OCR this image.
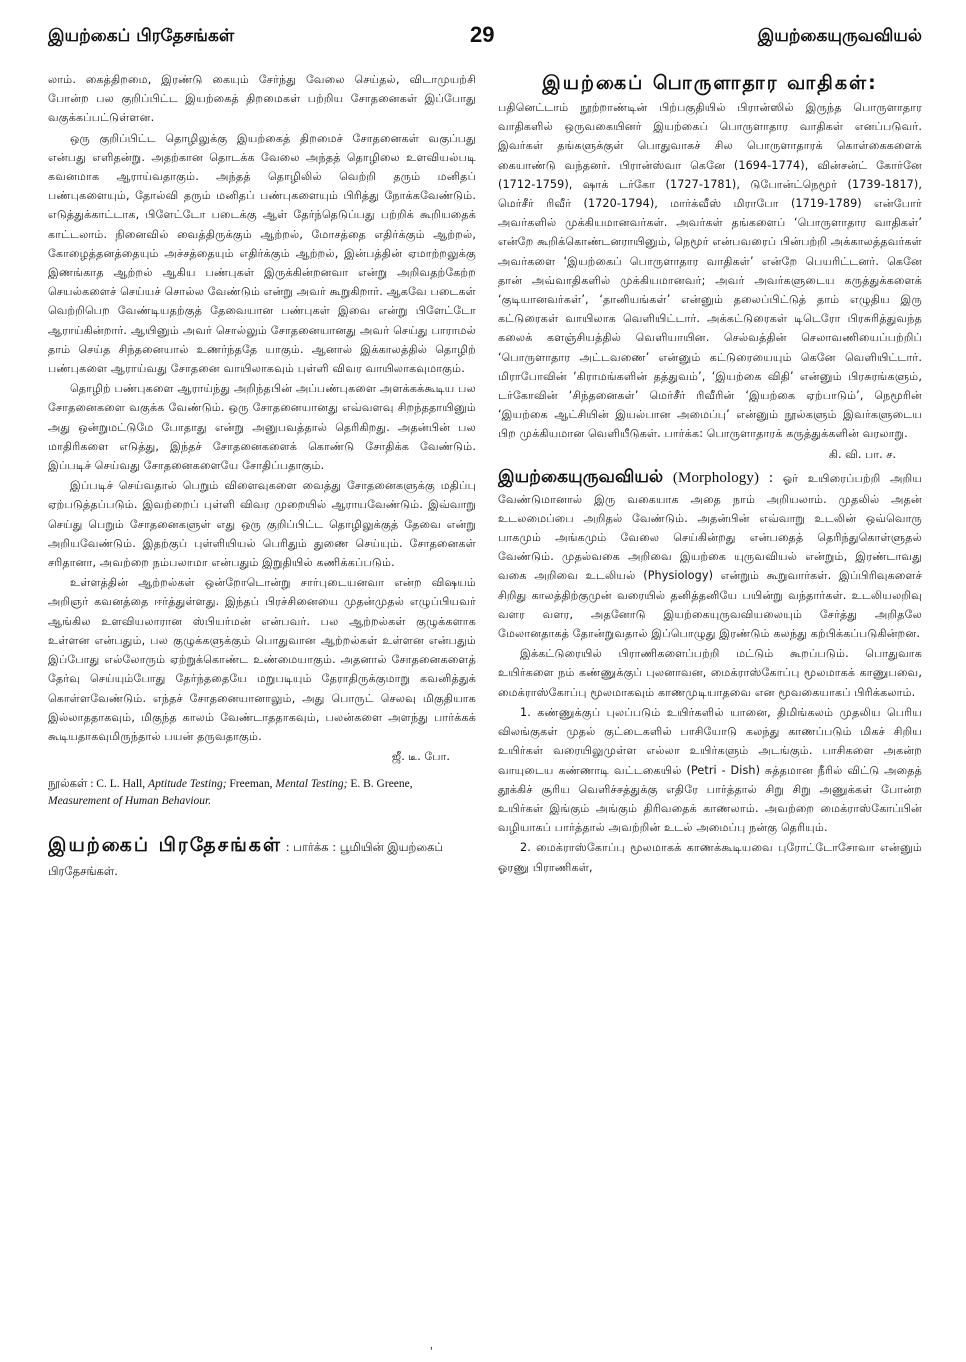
இயற்கைப் பிரதேசங்கள்	29	இயற்கையுருவவியல்

லாம். கைத்திறமை, இரண்டு கையும் சேர்ந்து வேலை செய்தல், விடாமுயற்சி போன்ற பல குறிப்பிட்ட இயற்கைத் திறமைகள் பற்றிய சோதனைகள் இப்போது வகுக்கப்பட்டுள்ளன.

ஒரு குறிப்பிட்ட தொழிலுக்கு இயற்கைத் திறமைச் சோதனைகள் வகுப்பது என்பது எளிதன்று. அதற்கான தொடக்க வேலை அந்தத் தொழிலை உளவியல்படி கவனமாக ஆராய்வதாகும். அந்தத் தொழிலில் வெற்றி தரும் மனிதப் பண்புகளையும், தோல்வி தரும் மனிதப் பண்புகளையும் பிரித்து நோக்கவேண்டும். எடுத்துக்காட்டாக, பிளேட்டோ படைக்கு ஆள் தேர்ந்தெடுப்பது பற்றிக் கூறியதைக் காட்டலாம். நினைவில் வைத்திருக்கும் ஆற்றல், மோசத்தை எதிர்க்கும் ஆற்றல், கோழைத்தனத்தையும் அச்சத்தையும் எதிர்க்கும் ஆற்றல், இன்பத்தின் ஏமாற்றலுக்கு இணங்காத ஆற்றல் ஆகிய பண்புகள் இருக்கின்றனவா என்று அறிவதற்கேற்ற செயல்களைச் செய்யச் சொல்ல வேண்டும் என்று அவர் கூறுகிறார். ஆகவே படைகள் வெற்றிபெற வேண்டியதற்குத் தேவையான பண்புகள் இவை என்று பிளேட்டோ ஆராய்கின்றார். ஆயினும் அவர் சொல்லும் சோதனையானது அவர் செய்து பாராமல் தாம் செய்த சிந்தனையால் உணர்ந்ததே யாகும். ஆனால் இக்காலத்தில் தொழிற் பண்புகளை ஆராய்வது சோதனை வாயிலாகவும் புள்ளி விவர வாயிலாகவுமாகும்.

தொழிற் பண்புகளை ஆராய்ந்து அறிந்தபின் அப்பண்புகளை அளக்கக்கூடிய பல சோதனைகளை வகுக்க வேண்டும். ஒரு சோதனையானது எவ்வளவு சிறந்ததாயினும் அது ஒன்றுமட்டுமே போதாது என்று அனுபவத்தால் தெரிகிறது. அதன்பின் பல மாதிரிகளை எடுத்து, இந்தச் சோதனைகளைக் கொண்டு சோதிக்க வேண்டும். இப்படிச் செய்வது சோதனைகளையே சோதிப்பதாகும்.

இப்படிச் செய்வதால் பெறும் விளைவுகளை வைத்து சோதனைகளுக்கு மதிப்பு ஏற்படுத்தப்படும். இவற்றைப் புள்ளி விவர முறையில் ஆராயவேண்டும். இவ்வாறு செய்து பெறும் சோதனைகளுள் எது ஒரு குறிப்பிட்ட தொழிலுக்குத் தேவை என்று அறியவேண்டும். இதற்குப் புள்ளியியல் பெரிதும் துணை செய்யும். சோதனைகள் சரிதானா, அவற்றை நம்பலாமா என்பதும் இறுதியில் கணிக்கப்படும்.

உள்ளத்தின் ஆற்றல்கள் ஒன்றோடொன்று சார்புடையனவா என்ற விஷயம் அறிஞர் கவனத்தை ஈர்த்துள்ளது. இந்தப் பிரச்சினையை முதன்முதல் எழுப்பியவர் ஆங்கில உளவியலாரான ஸ்பியர்மன் என்பவர். பல ஆற்றல்கள் குழுக்களாக உள்ளன என்பதும், பல குழுக்களுக்கும் பொதுவான ஆற்றல்கள் உள்ளன என்பதும் இப்போது எல்லோரும் ஏற்றுக்கொண்ட உண்மையாகும். அதனால் சோதனைகளைத் தேர்வு செய்யும்போது தேர்ந்ததையே மறுபடியும் தேராதிருக்குமாறு கவனித்துக் கொள்ளவேண்டும். எந்தச் சோதனையானாலும், அது பொருட் செலவு மிகுதியாக இல்லாததாகவும், மிகுந்த காலம் வேண்டாததாகவும், பலன்களை அளந்து பார்க்கக் கூடியதாகவுமிருந்தால் பயன் தருவதாகும்.

ஜீ. டீ. போ.
நூல்கள் : C. L. Hall, Aptitude Testing; Freeman, Mental Testing; E. B. Greene, Measurement of Human Behaviour.
இயற்கைப் பிரதேசங்கள் : பார்க்க : பூமியின் இயற்கைப் பிரதேசங்கள்.
இயற்கைப் பொருளாதார வாதிகள்:

பதினெட்டாம் நூற்றாண்டின் பிற்பகுதியில் பிரான்ஸில் இருந்த பொருளாதார வாதிகளில் ஒருவகையினர் இயற்கைப் பொருளாதார வாதிகள் எனப்படுவர். இவர்கள் தங்களுக்குள் பொதுவாகச் சில பொருளாதாரக் கொள்கைகளைக் கையாண்டு வந்தனர். பிரான்ஸ்வா கெனே (1694-1774), வின்சன்ட் கோர்னே (1712-1759), ஷாக் டர்கோ (1727-1781), டுபோன்ட்நெமூர் (1739-1817), மெர்சீர் ரிவீர் (1720-1794), மார்க்வீஸ் மிராபோ (1719-1789) என்போர் அவர்களில் முக்கியமானவர்கள். அவர்கள் தங்களைப் ‘பொருளாதார வாதிகள்’ என்றே கூறிக்கொண்டனராயினும், நெமூர் என்பவரைப் பின்பற்றி அக்காலத்தவர்கள் அவர்களை ‘இயற்கைப் பொருளாதார வாதிகள்’ என்றே பெயரிட்டனர். கெனே தான் அவ்வாதிகளில் முக்கியமானவர்; அவர் அவர்களுடைய கருத்துக்களைக் ‘குடியானவர்கள்’, ‘தானியங்கள்’ என்னும் தலைப்பிட்டுத் தாம் எழுதிய இரு கட்டுரைகள் வாயிலாக வெளியிட்டார். அக்கட்டுரைகள் டிடெரோ பிரசுரித்துவந்த கலைக் களஞ்சியத்தில் வெளியாயின. செல்வத்தின் செலாவணியைப்பற்றிப் ‘பொருளாதார அட்டவணை’ என்னும் கட்டுரையையும் கெனே வெளியிட்டார். மிராபோவின் ‘கிராமங்களின் தத்துவம்’, ‘இயற்கை விதி’ என்னும் பிரசுரங்களும், டர்கோவின் ‘சிந்தனைகள்’ மெர்சீர் ரிவீரின் ‘இயற்கை ஏற்பாடும்’, நெமூரின் ‘இயற்கை ஆட்சியின் இயல்பான அமைப்பு’ என்னும் நூல்களும் இவர்களுடைய பிற முக்கியமான வெளியீடுகள். பார்க்க: பொருளாதாரக் கருத்துக்களின் வரலாறு.

கி. வி. பா. ச.

இயற்கையுருவவியல் (Morphology) : ஓர் உயிரைப்பற்றி அறிய வேண்டுமானால் இரு வகையாக அதை நாம் அறியலாம். முதலில் அதன் உடலமைப்பை அறிதல் வேண்டும். அதன்பின் எவ்வாறு உடலின் ஒவ்வொரு பாகமும் அங்கமும் வேலை செய்கின்றது என்பதைத் தெரிந்துகொள்ளுதல் வேண்டும். முதல்வகை அறிவை இயற்கை யுருவவியல் என்றும், இரண்டாவது வகை அறிவை உடலியல் (Physiology) என்றும் கூறுவார்கள். இப்பிரிவுகளைச் சிறிது காலத்திற்குமுன் வரையில் தனித்தனியே பயின்று வந்தார்கள். உடலியலறிவு வளர வளர, அதனோடு இயற்கையுருவவியலையும் சேர்த்து அறிதலே மேலானதாகத் தோன்றுவதால் இப்பொழுது இரண்டும் கலந்து கற்பிக்கப்படுகின்றன.

இக்கட்டுரையில் பிராணிகளைப்பற்றி மட்டும் கூறப்படும். பொதுவாக உயிர்களை நம் கண்ணுக்குப் புலனாவன, மைக்ராஸ்கோப்பு மூலமாகக் காணுபவை, மைக்ராஸ்கோப்பு மூலமாகவும் காணமுடியாதவை என மூவகையாகப் பிரிக்கலாம்.

1. கண்ணுக்குப் புலப்படும் உயிர்களில் யானை, திமிங்கலம் முதலிய பெரிய விலங்குகள் முதல் குட்டைகளில் பாசியோடு கலந்து காணப்படும் மிகச் சிறிய உயிர்கள் வரையிலுமுள்ள எல்லா உயிர்களும் அடங்கும். பாசிகளை அகன்ற வாயுடைய கண்ணாடி வட்டகையில் (Petri - Dish) சுத்தமான நீரில் விட்டு அதைத் தூக்கிச் சூரிய வெளிச்சத்துக்கு எதிரே பார்த்தால் சிறு சிறு அணுக்கள் போன்ற உயிர்கள் இங்கும் அங்கும் திரிவதைக் காணலாம். அவற்றை மைக்ராஸ்கோப்பின் வழியாகப் பார்த்தால் அவற்றின் உடல் அமைப்பு நன்கு தெரியும்.

2. மைக்ராஸ்கோப்பு மூலமாகக் காணக்கூடியவை புரோட்டோசோவா என்னும் ஓரணு பிராணிகள்,

'
